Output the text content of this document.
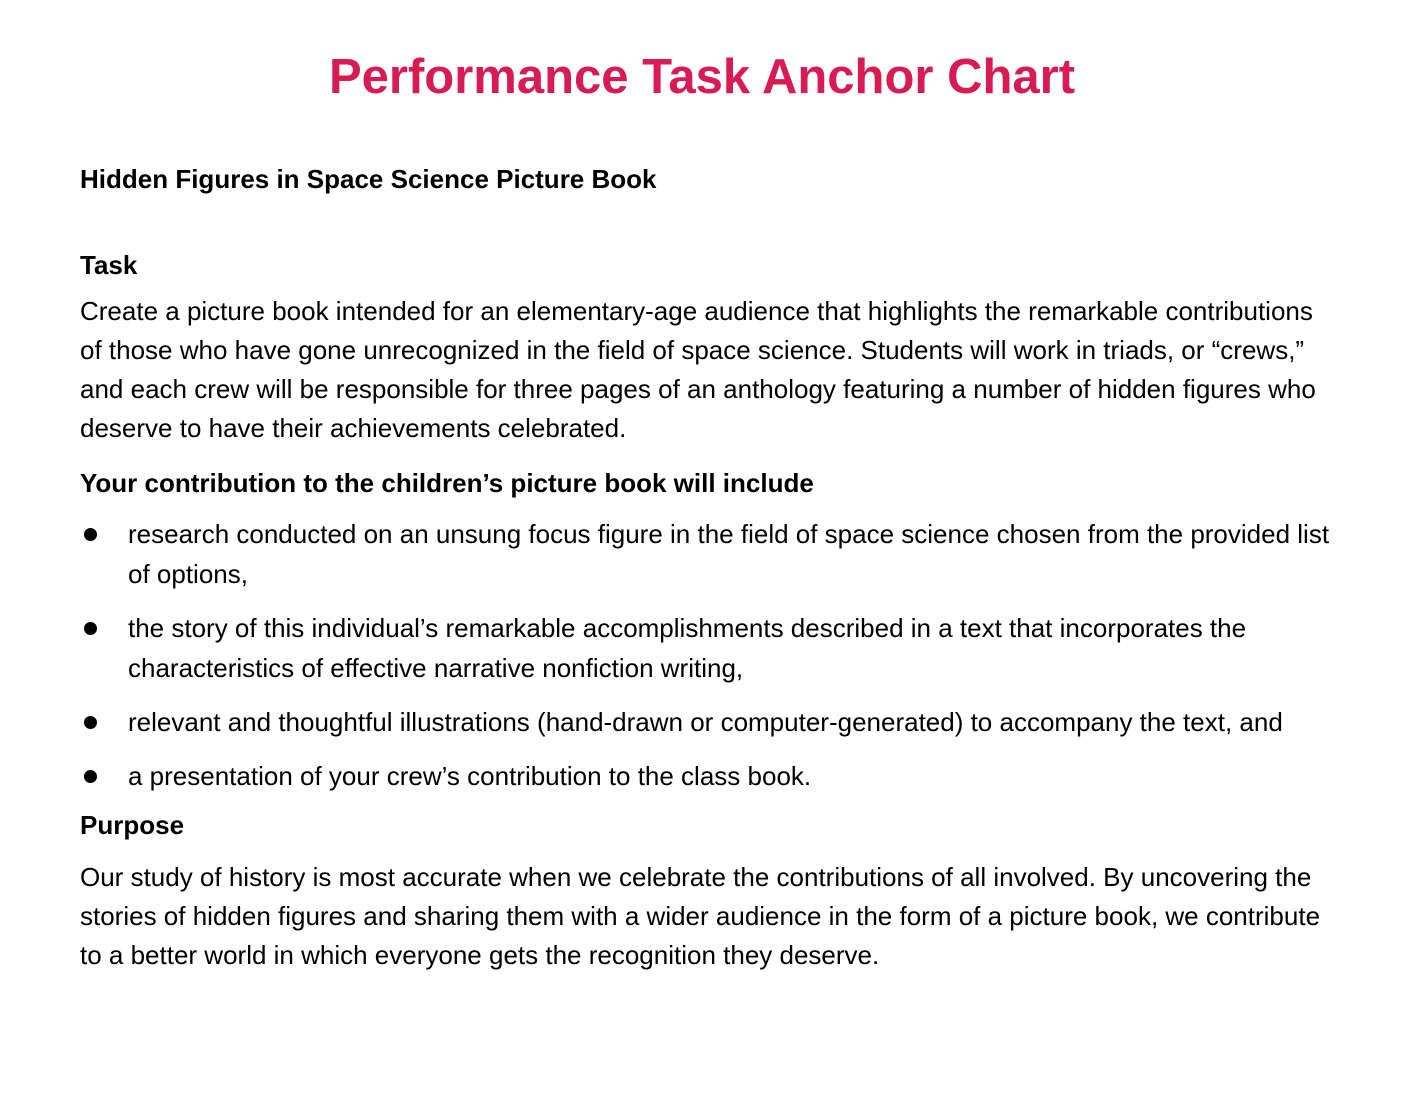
Performance Task Anchor Chart

Hidden Figures in Space Science Picture Book

Task

Create a picture book intended for an elementary-age audience that highlights the remarkable contributions of those who have gone unrecognized in the field of space science. Students will work in triads, or “crews,” and each crew will be responsible for three pages of an anthology featuring a number of hidden figures who deserve to have their achievements celebrated.

Your contribution to the children’s picture book will include
research conducted on an unsung focus figure in the field of space science chosen from the provided list of options,
the story of this individual’s remarkable accomplishments described in a text that incorporates the characteristics of effective narrative nonfiction writing,
relevant and thoughtful illustrations (hand-drawn or computer-generated) to accompany the text, and
a presentation of your crew’s contribution to the class book.
Purpose

Our study of history is most accurate when we celebrate the contributions of all involved. By uncovering the stories of hidden figures and sharing them with a wider audience in the form of a picture book, we contribute to a better world in which everyone gets the recognition they deserve.
